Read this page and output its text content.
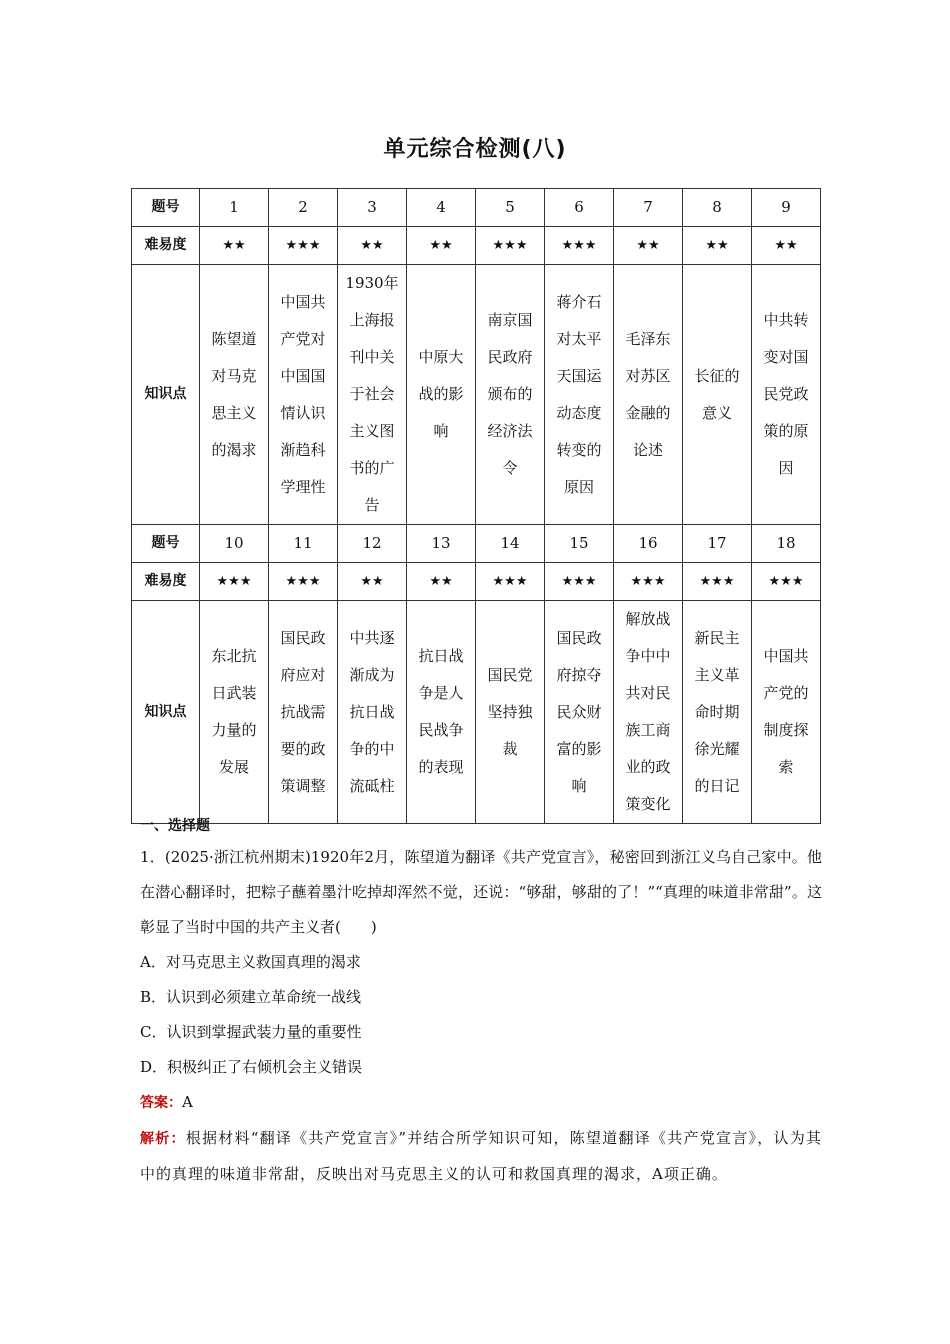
单元综合检测(八)
题号	1	2	3	4	5	6	7	8	9
难易度	★★	★★★	★★	★★	★★★	★★★	★★	★★	★★
知识点	陈望道对马克思主义的渴求	中国共产党对中国国情认识渐趋科学理性	1930年上海报刊中关于社会主义图书的广告	中原大战的影响	南京国民政府颁布的经济法令	蒋介石对太平天国运动态度转变的原因	毛泽东对苏区金融的论述	长征的意义	中共转变对国民党政策的原因

题号	10	11	12	13	14	15	16	17	18
难易度	★★★	★★★	★★	★★	★★★	★★★	★★★	★★★	★★★
知识点	东北抗日武装力量的发展	国民政府应对抗战需要的政策调整	中共逐渐成为抗日战争的中流砥柱	抗日战争是人民战争的表现	国民党坚持独裁	国民政府掠夺民众财富的影响	解放战争中中共对民族工商业的政策变化	新民主主义革命时期徐光耀的日记	中国共产党的制度探索
一、选择题
1．(2025·浙江杭州期末)1920年2月，陈望道为翻译《共产党宣言》，秘密回到浙江义乌自己家中。他在潜心翻译时，把粽子蘸着墨汁吃掉却浑然不觉，还说：“够甜，够甜的了！”“真理的味道非常甜”。这彰显了当时中国的共产主义者(　　)
A．对马克思主义救国真理的渴求
B．认识到必须建立革命统一战线
C．认识到掌握武装力量的重要性
D．积极纠正了右倾机会主义错误
答案：A
解析：根据材料“翻译《共产党宣言》”并结合所学知识可知，陈望道翻译《共产党宣言》，认为其中的真理的味道非常甜，反映出对马克思主义的认可和救国真理的渴求，A项正确。
